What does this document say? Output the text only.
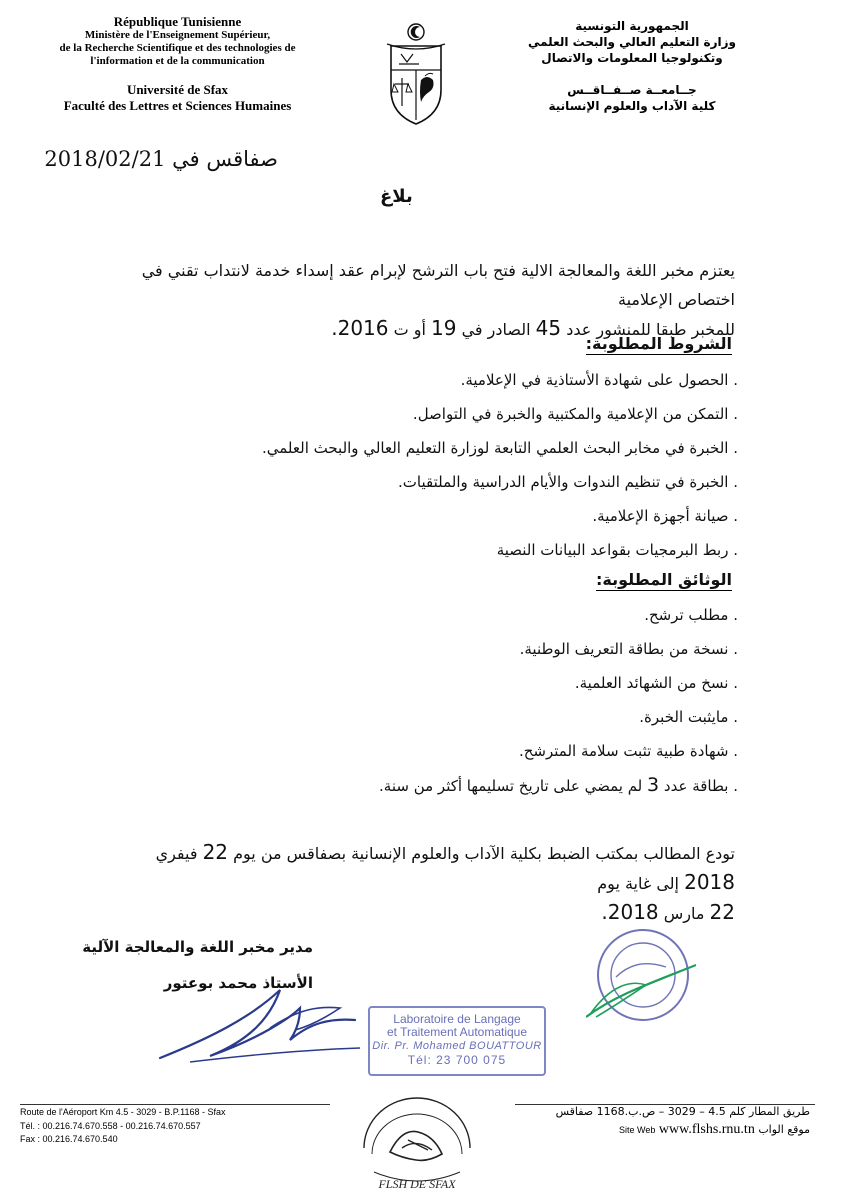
République Tunisienne
Ministère de l'Enseignement Supérieur,
de la Recherche Scientifique et des technologies de
l'information et de la communication
Université de Sfax
Faculté des Lettres et Sciences Humaines
الجمهورية التونسية
وزارة التعليم العالي والبحث العلمي
وتكنولوجيا المعلومات والاتصال
جــامعــة صــفــاقــس
كلية الآداب والعلوم الإنسانية
صفاقس في 2018/02/21
بلاغ
يعتزم مخبر اللغة والمعالجة الالية فتح باب الترشح لإبرام عقد إسداء خدمة لانتداب تقني في اختصاص الإعلامية
للمخبر طبقا للمنشور عدد 45 الصادر في 19 أو ت 2016.
الشروط المطلوبة:
. الحصول على شهادة الأستاذية في الإعلامية.
. التمكن من الإعلامية والمكتبية والخبرة في التواصل.
. الخبرة في مخابر البحث العلمي التابعة لوزارة التعليم العالي والبحث العلمي.
. الخبرة في تنظيم الندوات والأيام الدراسية والملتقيات.
. صيانة أجهزة الإعلامية.
. ربط البرمجيات بقواعد البيانات النصية
الوثائق المطلوبة:
. مطلب ترشح.
. نسخة من بطاقة التعريف الوطنية.
. نسخ من الشهائد العلمية.
. مايثبت الخبرة.
. شهادة طبية تثبت سلامة المترشح.
. بطاقة عدد 3 لم يمضي على تاريخ تسليمها أكثر من سنة.
تودع المطالب بمكتب الضبط بكلية الآداب والعلوم الإنسانية بصفاقس من يوم 22 فيفري 2018 إلى غاية يوم
22 مارس 2018.
مدير مخبر اللغة والمعالجة الآلية
الأستاذ محمد بوعتور
Laboratoire de Langage
et Traitement Automatique
Dir. Pr. Mohamed BOUATTOUR
Tél: 23 700 075
Route de l'Aéroport Km 4.5 - 3029 - B.P.1168 - Sfax
Tél. : 00.216.74.670.558 - 00.216.74.670.557
Fax : 00.216.74.670.540
FLSH DE SFAX
طريق المطار كلم 4.5 – 3029 – ص.ب.1168 صفاقس
موقع الواب Site Web www.flshs.rnu.tn
